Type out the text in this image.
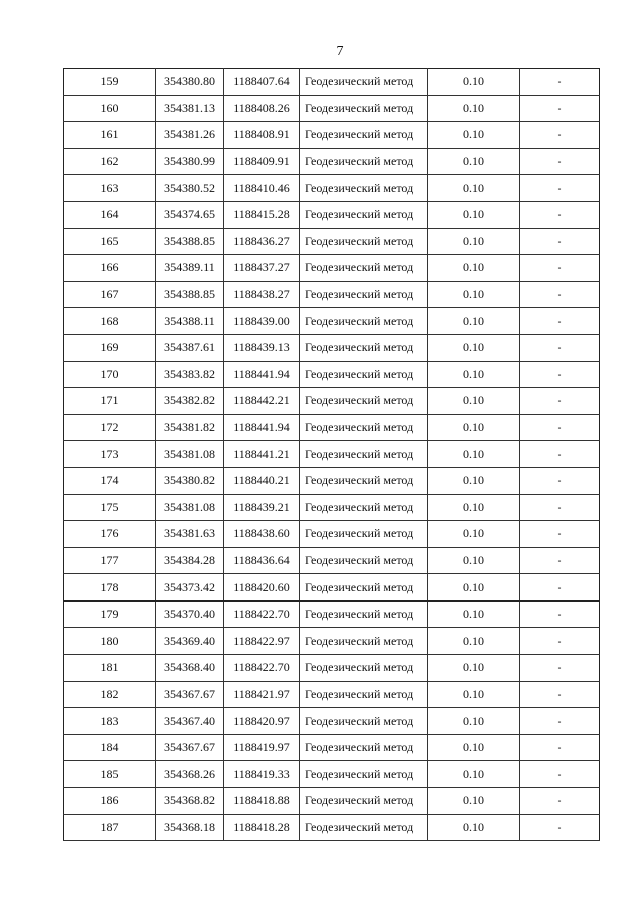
7
159	354380.80	1188407.64	Геодезический метод	0.10	-
160	354381.13	1188408.26	Геодезический метод	0.10	-
161	354381.26	1188408.91	Геодезический метод	0.10	-
162	354380.99	1188409.91	Геодезический метод	0.10	-
163	354380.52	1188410.46	Геодезический метод	0.10	-
164	354374.65	1188415.28	Геодезический метод	0.10	-
165	354388.85	1188436.27	Геодезический метод	0.10	-
166	354389.11	1188437.27	Геодезический метод	0.10	-
167	354388.85	1188438.27	Геодезический метод	0.10	-
168	354388.11	1188439.00	Геодезический метод	0.10	-
169	354387.61	1188439.13	Геодезический метод	0.10	-
170	354383.82	1188441.94	Геодезический метод	0.10	-
171	354382.82	1188442.21	Геодезический метод	0.10	-
172	354381.82	1188441.94	Геодезический метод	0.10	-
173	354381.08	1188441.21	Геодезический метод	0.10	-
174	354380.82	1188440.21	Геодезический метод	0.10	-
175	354381.08	1188439.21	Геодезический метод	0.10	-
176	354381.63	1188438.60	Геодезический метод	0.10	-
177	354384.28	1188436.64	Геодезический метод	0.10	-
178	354373.42	1188420.60	Геодезический метод	0.10	-
179	354370.40	1188422.70	Геодезический метод	0.10	-
180	354369.40	1188422.97	Геодезический метод	0.10	-
181	354368.40	1188422.70	Геодезический метод	0.10	-
182	354367.67	1188421.97	Геодезический метод	0.10	-
183	354367.40	1188420.97	Геодезический метод	0.10	-
184	354367.67	1188419.97	Геодезический метод	0.10	-
185	354368.26	1188419.33	Геодезический метод	0.10	-
186	354368.82	1188418.88	Геодезический метод	0.10	-
187	354368.18	1188418.28	Геодезический метод	0.10	-
